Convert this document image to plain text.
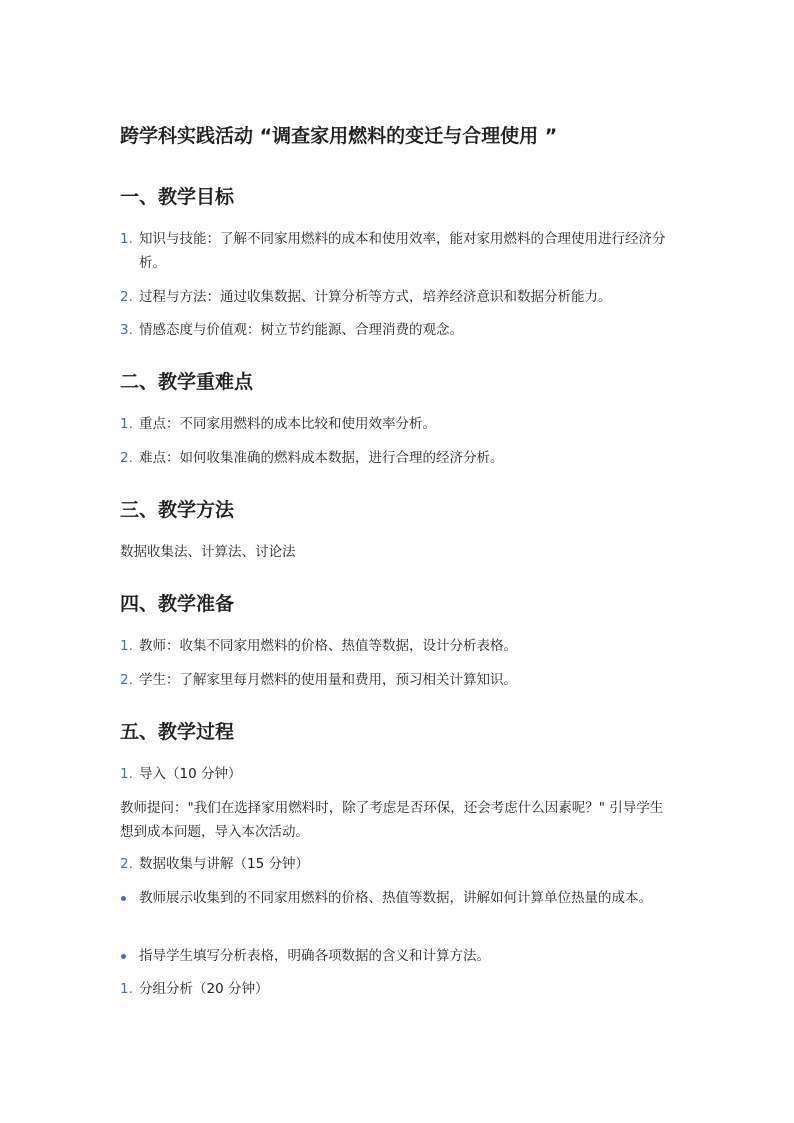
跨学科实践活动 “调查家用燃料的变迁与合理使用 ”
一、教学目标
1. 知识与技能：了解不同家用燃料的成本和使用效率，能对家用燃料的合理使用进行经济分析。
2. 过程与方法：通过收集数据、计算分析等方式，培养经济意识和数据分析能力。
3. 情感态度与价值观：树立节约能源、合理消费的观念。
二、教学重难点
1. 重点：不同家用燃料的成本比较和使用效率分析。
2. 难点：如何收集准确的燃料成本数据，进行合理的经济分析。
三、教学方法
数据收集法、计算法、讨论法
四、教学准备
1. 教师：收集不同家用燃料的价格、热值等数据，设计分析表格。
2. 学生：了解家里每月燃料的使用量和费用，预习相关计算知识。
五、教学过程
1. 导入（10 分钟）
教师提问："我们在选择家用燃料时，除了考虑是否环保，还会考虑什么因素呢？" 引导学生想到成本问题，导入本次活动。
2. 数据收集与讲解（15 分钟）
教师展示收集到的不同家用燃料的价格、热值等数据，讲解如何计算单位热量的成本。
指导学生填写分析表格，明确各项数据的含义和计算方法。
1. 分组分析（20 分钟）
